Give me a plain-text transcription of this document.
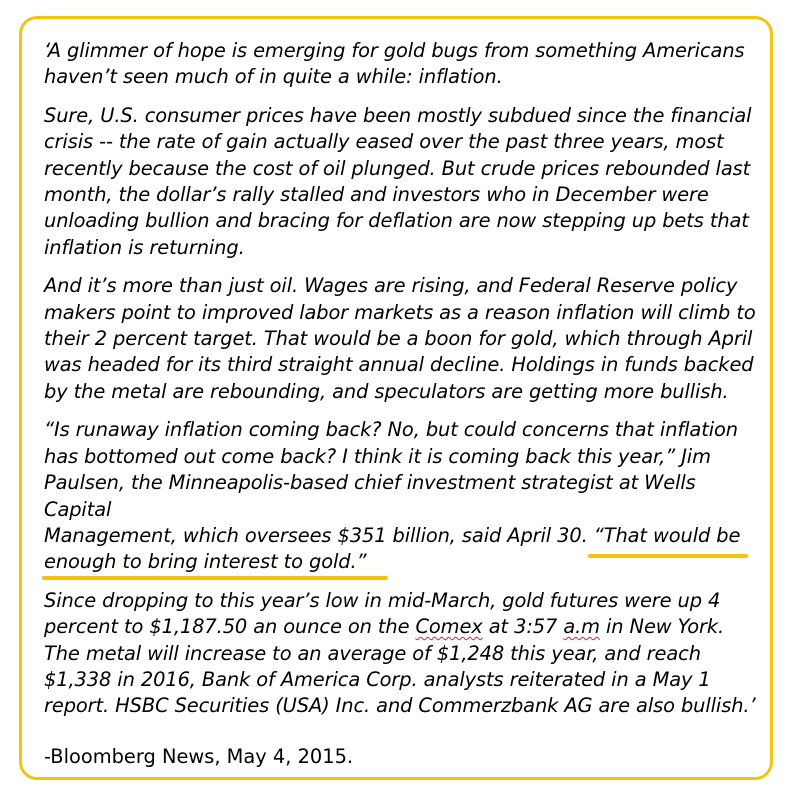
‘A glimmer of hope is emerging for gold bugs from something Americans
haven’t seen much of in quite a while: inflation.

Sure, U.S. consumer prices have been mostly subdued since the financial
crisis -- the rate of gain actually eased over the past three years, most
recently because the cost of oil plunged. But crude prices rebounded last
month, the dollar’s rally stalled and investors who in December were
unloading bullion and bracing for deflation are now stepping up bets that
inflation is returning.

And it’s more than just oil. Wages are rising, and Federal Reserve policy
makers point to improved labor markets as a reason inflation will climb to
their 2 percent target. That would be a boon for gold, which through April
was headed for its third straight annual decline. Holdings in funds backed
by the metal are rebounding, and speculators are getting more bullish.

“Is runaway inflation coming back? No, but could concerns that inflation
has bottomed out come back? I think it is coming back this year,” Jim
Paulsen, the Minneapolis-based chief investment strategist at Wells Capital
Management, which oversees $351 billion, said April 30. “That would be
enough to bring interest to gold.”

Since dropping to this year’s low in mid-March, gold futures were up 4
percent to $1,187.50 an ounce on the Comex at 3:57 a.m in New York.
The metal will increase to an average of $1,248 this year, and reach
$1,338 in 2016, Bank of America Corp. analysts reiterated in a May 1
report. HSBC Securities (USA) Inc. and Commerzbank AG are also bullish.’

-Bloomberg News, May 4, 2015.
